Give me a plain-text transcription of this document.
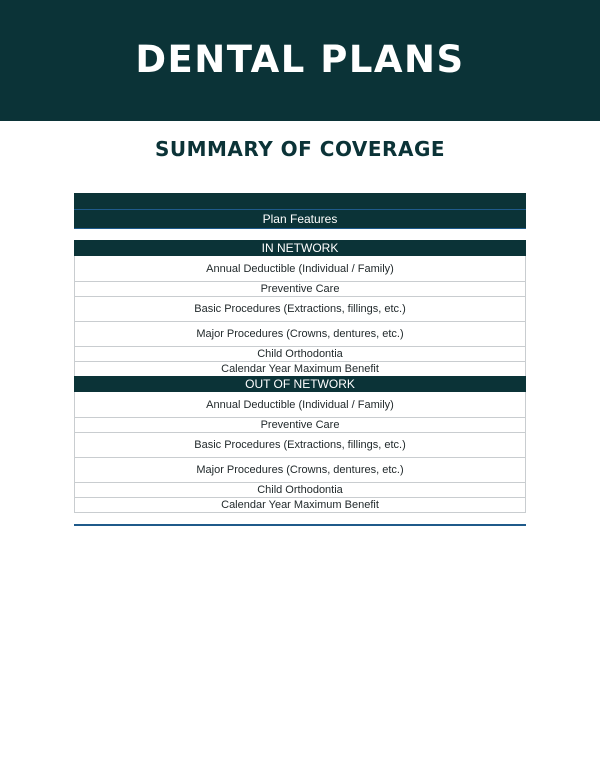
DENTAL PLANS
SUMMARY OF COVERAGE
Plan Features
IN NETWORK
Annual Deductible (Individual / Family)
Preventive Care
Basic Procedures (Extractions, fillings, etc.)
Major Procedures (Crowns, dentures, etc.)
Child Orthodontia
Calendar Year Maximum Benefit
OUT OF NETWORK
Annual Deductible (Individual / Family)
Preventive Care
Basic Procedures (Extractions, fillings, etc.)
Major Procedures (Crowns, dentures, etc.)
Child Orthodontia
Calendar Year Maximum Benefit
